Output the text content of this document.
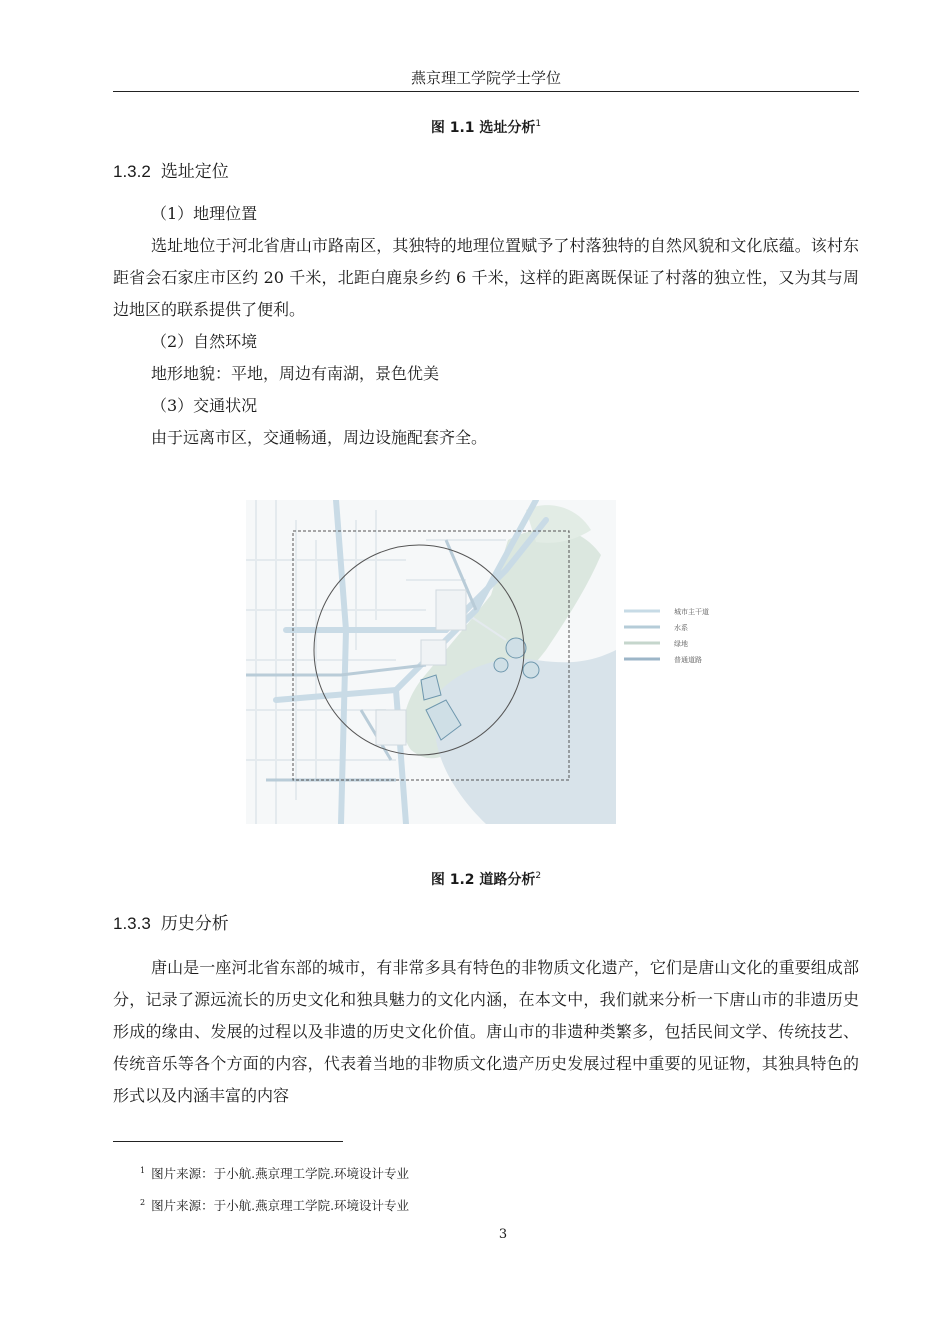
燕京理工学院学士学位
图 1.1 选址分析$^1$
1.3.2 选址定位
（1）地理位置
选址地位于河北省唐山市路南区，其独特的地理位置赋予了村落独特的自然风貌和文化底蕴。该村东距省会石家庄市区约 20 千米，北距白鹿泉乡约 6 千米，这样的距离既保证了村落的独立性，又为其与周边地区的联系提供了便利。
（2）自然环境
地形地貌：平地，周边有南湖，景色优美
（3）交通状况
由于远离市区，交通畅通，周边设施配套齐全。
城市主干道
水系
绿地
普通道路
图 1.2 道路分析$^2$
1.3.3 历史分析
唐山是一座河北省东部的城市，有非常多具有特色的非物质文化遗产，它们是唐山文化的重要组成部分，记录了源远流长的历史文化和独具魅力的文化内涵，在本文中，我们就来分析一下唐山市的非遗历史形成的缘由、发展的过程以及非遗的历史文化价值。唐山市的非遗种类繁多，包括民间文学、传统技艺、传统音乐等各个方面的内容，代表着当地的非物质文化遗产历史发展过程中重要的见证物，其独具特色的形式以及内涵丰富的内容
$^1$ 图片来源：于小航.燕京理工学院.环境设计专业
$^2$ 图片来源：于小航.燕京理工学院.环境设计专业
3
